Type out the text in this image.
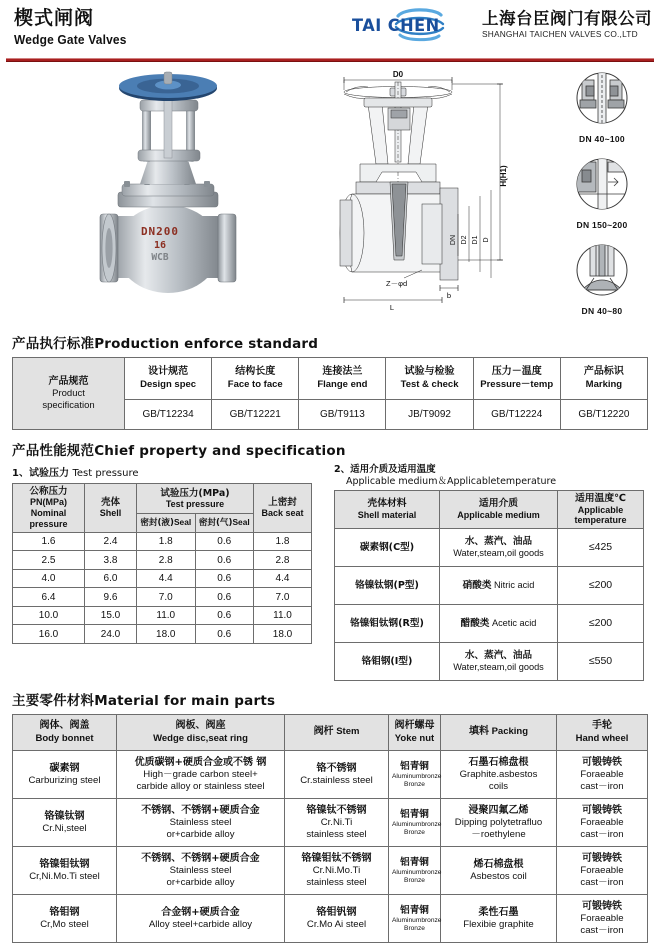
楔式闸阀
Wedge Gate Valves
TAI CHEN	上海台臣阀门有限公司
SHANGHAI TAICHEN VALVES CO.,LTD
DN200
16
WCB
D0
H(H1)
DN D2 D1 D
Z－φd
b
L
DN 40~100
DN 150~200
DN 40~80
产品执行标准Production enforce standard
产品规范
Product
specification	设计规范
Design spec	结构长度
Face to face	连接法兰
Flange end	试验与检验
Test & check	压力－温度
Pressure－temp	产品标识
Marking

	GB/T12234	GB/T12221	GB/T9113	JB/T9092	GB/T12224	GB/T12220
产品性能规范Chief property and specification
1、试验压力 Test pressure
公称压力
PN(MPa)
Nominal
pressure	壳体
Shell	试验压力(MPa)
Test pressure		上密封
Back seat

		密封(液)Seal	密封(气)Seal	
1.6	2.4	1.8	0.6	1.8
2.5	3.8	2.8	0.6	2.8
4.0	6.0	4.4	0.6	4.4
6.4	9.6	7.0	0.6	7.0
10.0	15.0	11.0	0.6	11.0
16.0	24.0	18.0	0.6	18.0
2、适用介质及适用温度
Applicable medium＆Applicabletemperature
壳体材料
Shell material	适用介质
Applicable medium	适用温度℃
Applicable
temperature

碳素钢(C型)	水、蒸汽、油品
Water,steam,oil goods	≤425

铬镍钛钢(P型)	硝酸类 Nitric acid	≤200

铬镍钼钛钢(R型)	醋酸类 Acetic acid	≤200

铬钼钢(I型)	水、蒸汽、油品
Water,steam,oil goods	≤550
主要零件材料Material for main parts
阀体、阀盖
Body bonnet	阀板、阀座
Wedge disc,seat ring	阀杆 Stem	阀杆螺母
Yoke nut	填料 Packing	手轮
Hand wheel

碳素钢
Carburizing steel	优质碳钢+硬质合金或不锈 钢
High－grade carbon steel+
carbide alloy or stainless steel	铬不锈钢
Cr.stainless steel	铝青铜
Aluminumbronze
Bronze	石墨石棉盘根
Graphite.asbestos
coils	可锻铸铁
Foraeable
cast－iron

铬镍钛钢
Cr.Ni,steel	不锈钢、不锈钢+硬质合金
Stainless steel
or+carbide alloy	铬镍钛不锈钢
Cr.Ni.Ti
stainless steel	铝青铜
Aluminumbronze
Bronze	浸聚四氟乙烯
Dipping polytetrafluo
－roethylene	可锻铸铁
Foraeable
cast－iron

铬镍钼钛钢
Cr,Ni.Mo.Ti steel	不锈钢、不锈钢+硬质合金
Stainless steel
or+carbide alloy	铬镍钼钛不锈钢
Cr.Ni.Mo.Ti
stainless steel	铝青铜
Aluminumbronze
Bronze	烯石棉盘根
Asbestos coil	可锻铸铁
Foraeable
cast－iron

铬钼钢
Cr,Mo steel	合金钢+硬质合金
Alloy steel+carbide alloy	铬钼钒钢
Cr.Mo Ai steel	铝青铜
Aluminumbronze
Bronze	柔性石墨
Flexibie graphite	可锻铸铁
Foraeable
cast－iron
